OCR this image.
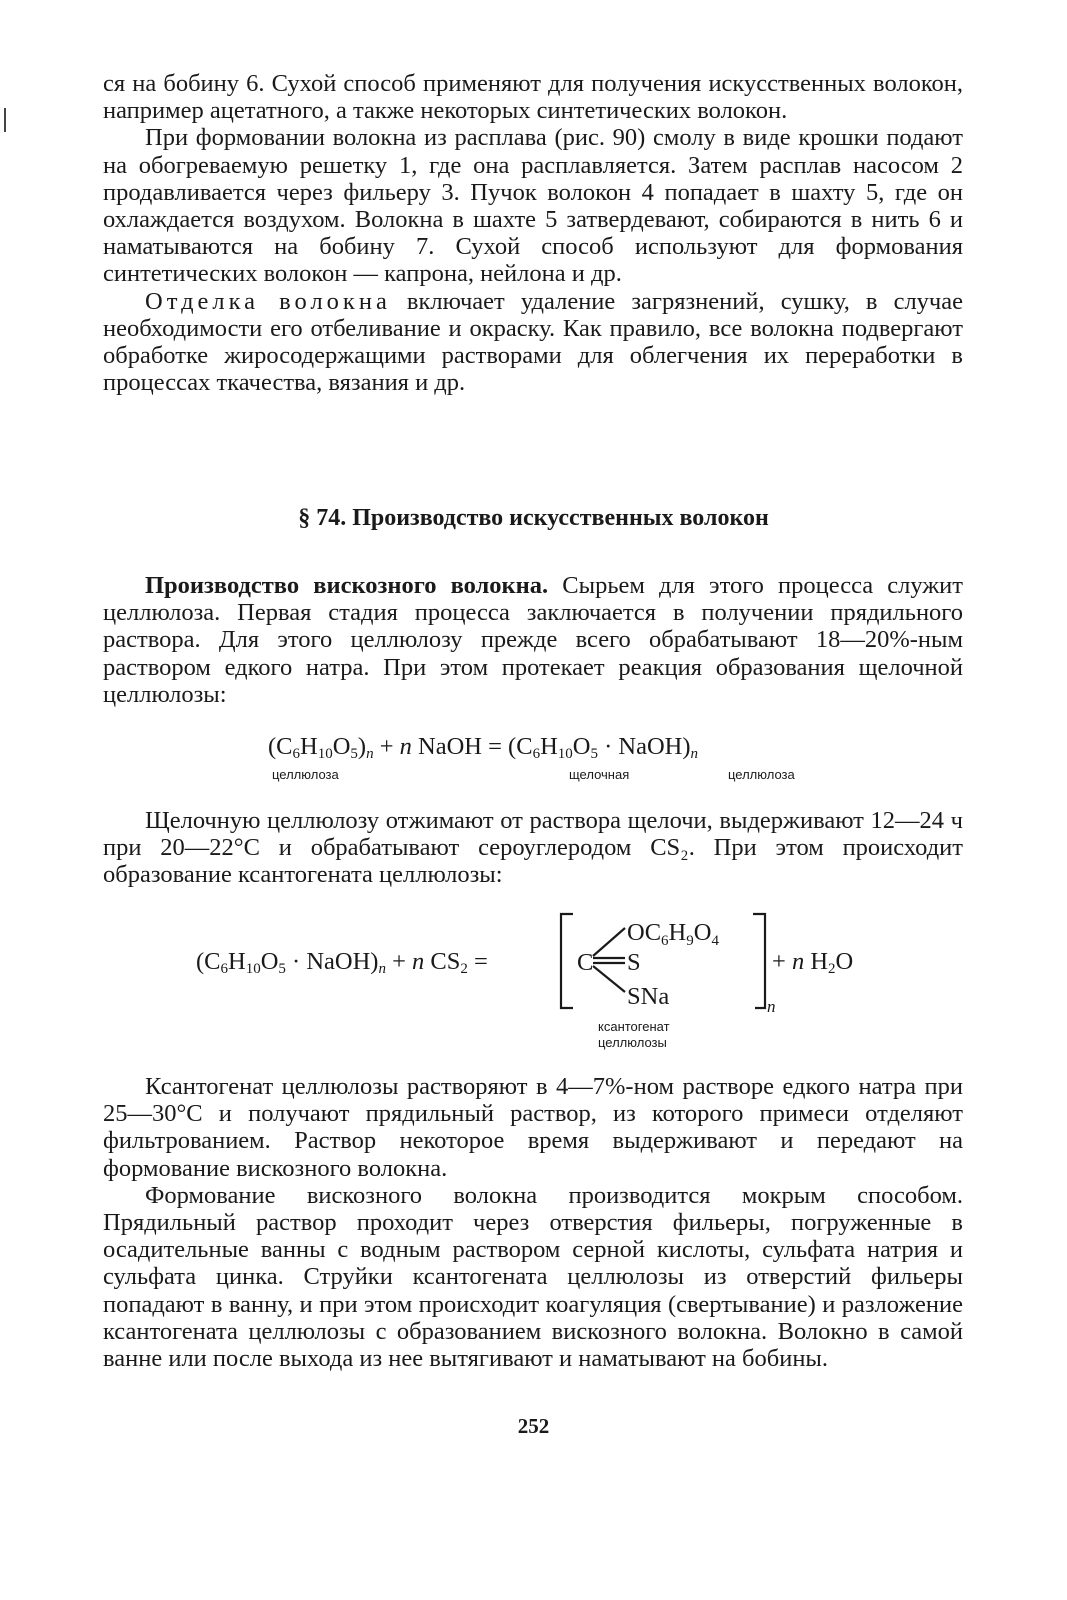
ся на бобину 6. Сухой способ применяют для получения искусственных волокон, например ацетатного, а также некоторых синтетических волокон.

При формовании волокна из расплава (рис. 90) смолу в виде крошки подают на обогреваемую решетку 1, где она расплавляется. Затем расплав насосом 2 продавливается через фильеру 3. Пучок волокон 4 попадает в шахту 5, где он охлаждается воздухом. Волокна в шахте 5 затвердевают, собираются в нить 6 и наматываются на бобину 7. Сухой способ используют для формования синтетических волокон — капрона, нейлона и др.

Отделка волокна включает удаление загрязнений, сушку, в случае необходимости его отбеливание и окраску. Как правило, все волокна подвергают обработке жиросодержащими растворами для облегчения их переработки в процессах ткачества, вязания и др.

§ 74. Производство искусственных волокон

Производство вискозного волокна. Сырьем для этого процесса служит целлюлоза. Первая стадия процесса заключается в получении прядильного раствора. Для этого целлюлозу прежде всего обрабатывают 18—20%-ным раствором едкого натра. При этом протекает реакция образования щелочной целлюлозы:

$(C_6H_{10}O_5)_n + n$ NaOH = ($C_6H_{10}O_5$ · $NaOH)_n$
целлюлоза	щелочная	целлюлоза

Щелочную целлюлозу отжимают от раствора щелочи, выдерживают 12—24 ч при 20—22°C и обрабатывают сероуглеродом CS₂. При этом происходит образование ксантогената целлюлозы:

($C_6H_{10}O_5$ · $NaOH)_n + n$ $CS_2$ =	C
$OC_6H_9O_4$
S
SNa	n
+ n $H_2O$
ксантогенат
целлюлозы

Ксантогенат целлюлозы растворяют в 4—7%-ном растворе едкого натра при 25—30°C и получают прядильный раствор, из которого примеси отделяют фильтрованием. Раствор некоторое время выдерживают и передают на формование вискозного волокна.

Формование вискозного волокна производится мокрым способом. Прядильный раствор проходит через отверстия фильеры, погруженные в осадительные ванны с водным раствором серной кислоты, сульфата натрия и сульфата цинка. Струйки ксантогената целлюлозы из отверстий фильеры попадают в ванну, и при этом происходит коагуляция (свертывание) и разложение ксантогената целлюлозы с образованием вискозного волокна. Волокно в самой ванне или после выхода из нее вытягивают и наматывают на бобины.

252
